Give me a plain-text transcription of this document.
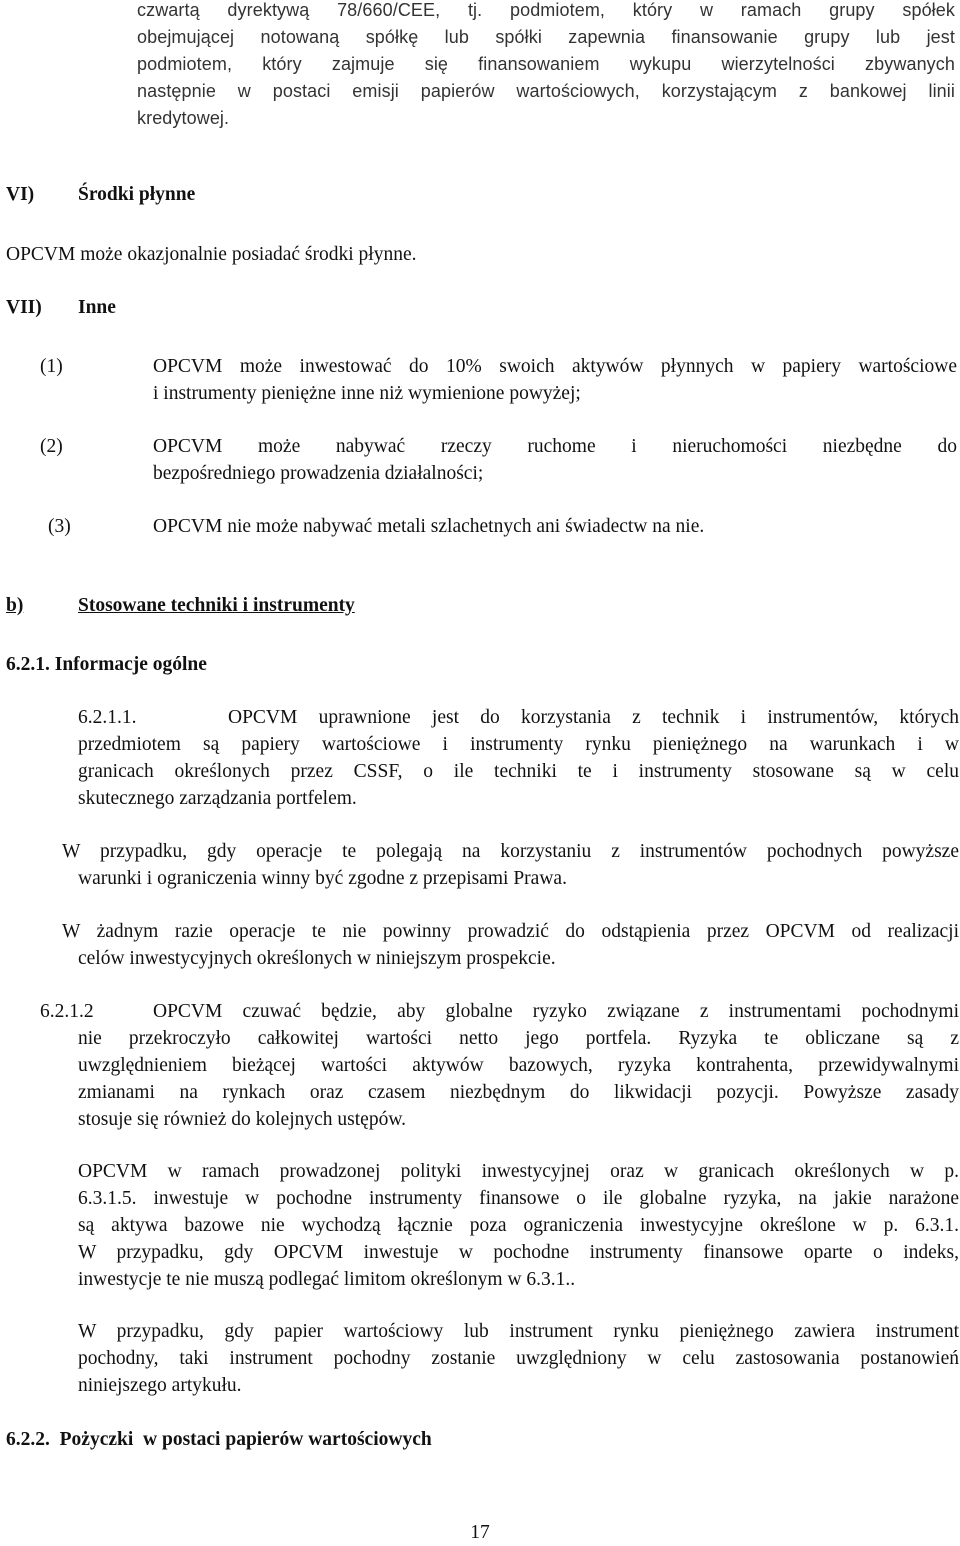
czwartą dyrektywą 78/660/CEE, tj. podmiotem, który w ramach grupy spółek
obejmującej notowaną spółkę lub spółki zapewnia finansowanie grupy lub jest
podmiotem, który zajmuje się finansowaniem wykupu wierzytelności zbywanych
następnie w postaci emisji papierów wartościowych, korzystającym z bankowej linii
kredytowej.
VI) Środki płynne
OPCVM może okazjonalnie posiadać środki płynne.
VII) Inne
(1)	OPCVM może inwestować do 10% swoich aktywów płynnych w papiery wartościowe
i instrumenty pieniężne inne niż wymienione powyżej;
(2)	OPCVM może nabywać rzeczy ruchome i nieruchomości niezbędne do
bezpośredniego prowadzenia działalności;
(3)	OPCVM nie może nabywać metali szlachetnych ani świadectw na nie.
b)	Stosowane techniki i instrumenty
6.2.1. Informacje ogólne
6.2.1.1.	OPCVM uprawnione jest do korzystania z technik i instrumentów, których
przedmiotem są papiery wartościowe i instrumenty rynku pieniężnego na warunkach i w
granicach określonych przez CSSF, o ile techniki te i instrumenty stosowane są w celu
skutecznego zarządzania portfelem.
W przypadku, gdy operacje te polegają na korzystaniu z instrumentów pochodnych powyższe
warunki i ograniczenia winny być zgodne z przepisami Prawa.
W żadnym razie operacje te nie powinny prowadzić do odstąpienia przez OPCVM od realizacji
celów inwestycyjnych określonych w niniejszym prospekcie.
6.2.1.2	OPCVM czuwać będzie, aby globalne ryzyko związane z instrumentami pochodnymi
nie przekroczyło całkowitej wartości netto jego portfela. Ryzyka te obliczane są z
uwzględnieniem bieżącej wartości aktywów bazowych, ryzyka kontrahenta, przewidywalnymi
zmianami na rynkach oraz czasem niezbędnym do likwidacji pozycji. Powyższe zasady
stosuje się również do kolejnych ustępów.
OPCVM w ramach prowadzonej polityki inwestycyjnej oraz w granicach określonych w p.
6.3.1.5. inwestuje w pochodne instrumenty finansowe o ile globalne ryzyka, na jakie narażone
są aktywa bazowe nie wychodzą łącznie poza ograniczenia inwestycyjne określone w p. 6.3.1.
W przypadku, gdy OPCVM inwestuje w pochodne instrumenty finansowe oparte o indeks,
inwestycje te nie muszą podlegać limitom określonym w 6.3.1..
W przypadku, gdy papier wartościowy lub instrument rynku pieniężnego zawiera instrument
pochodny, taki instrument pochodny zostanie uwzględniony w celu zastosowania postanowień
niniejszego artykułu.
6.2.2.  Pożyczki  w postaci papierów wartościowych
17
